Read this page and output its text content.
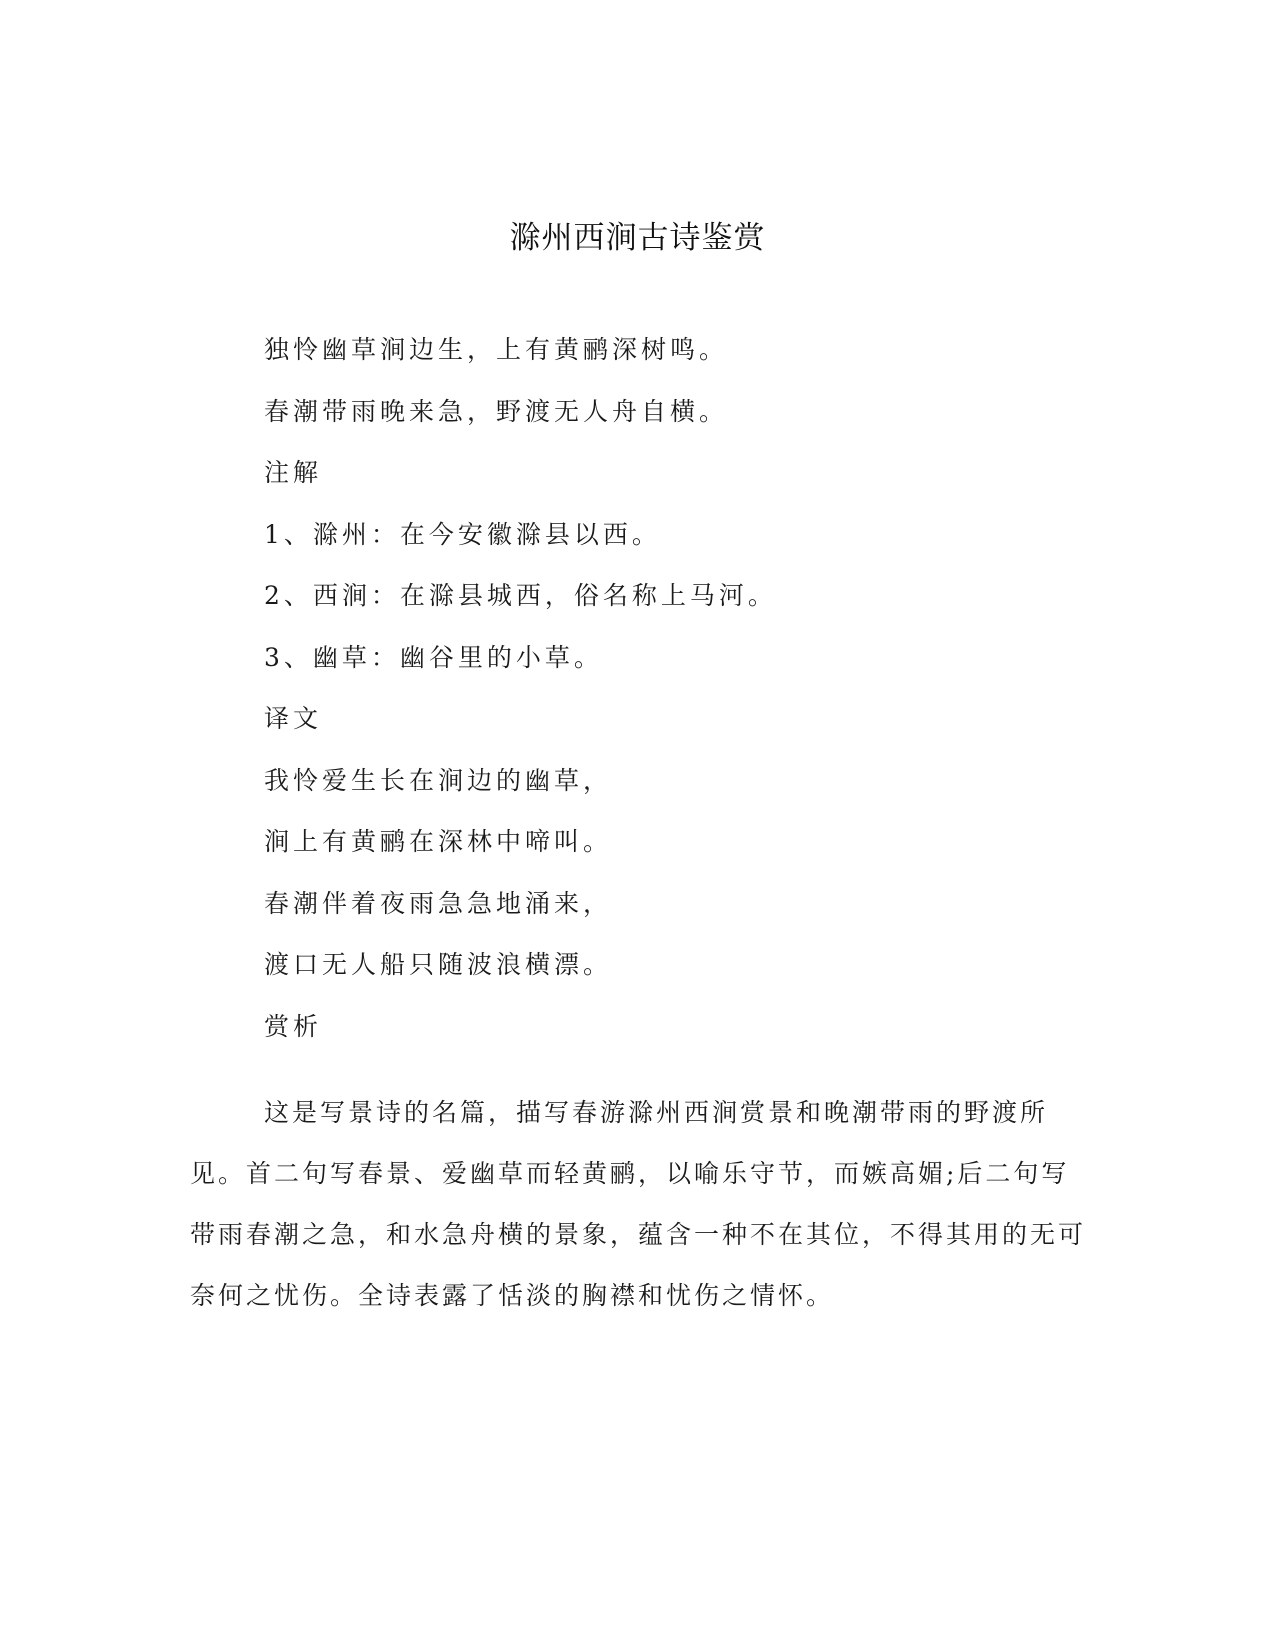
滁州西涧古诗鉴赏
独怜幽草涧边生，上有黄鹂深树鸣。
春潮带雨晚来急，野渡无人舟自横。
注解
1、滁州：在今安徽滁县以西。
2、西涧：在滁县城西，俗名称上马河。
3、幽草：幽谷里的小草。
译文
我怜爱生长在涧边的幽草，
涧上有黄鹂在深林中啼叫。
春潮伴着夜雨急急地涌来，
渡口无人船只随波浪横漂。
赏析
这是写景诗的名篇，描写春游滁州西涧赏景和晚潮带雨的野渡所见。首二句写春景、爱幽草而轻黄鹂，以喻乐守节，而嫉高媚;后二句写带雨春潮之急，和水急舟横的景象，蕴含一种不在其位，不得其用的无可奈何之忧伤。全诗表露了恬淡的胸襟和忧伤之情怀。
